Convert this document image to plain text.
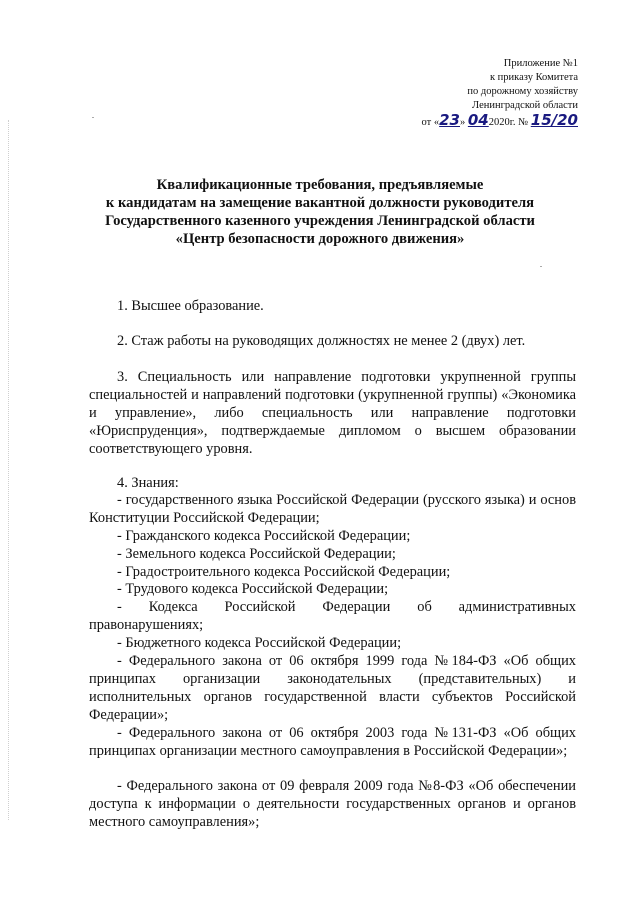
Приложение №1
к приказу Комитета
по дорожному хозяйству
Ленинградской области
от «23» 042020г. № 15/20
Квалификационные требования, предъявляемые
к кандидатам на замещение вакантной должности руководителя
Государственного казенного учреждения Ленинградской области
«Центр безопасности дорожного движения»
1. Высшее образование.
2. Стаж работы на руководящих должностях не менее 2 (двух) лет.
3. Специальность или направление подготовки укрупненной группы специальностей и направлений подготовки (укрупненной группы) «Экономика и управление», либо специальность или направление подготовки «Юриспруденция», подтверждаемые дипломом о высшем образовании соответствующего уровня.
4. Знания:
- государственного языка Российской Федерации (русского языка) и основ Конституции Российской Федерации;
- Гражданского кодекса Российской Федерации;
- Земельного кодекса Российской Федерации;
- Градостроительного кодекса Российской Федерации;
- Трудового кодекса Российской Федерации;
- Кодекса Российской Федерации об административных правонарушениях;
- Бюджетного кодекса Российской Федерации;
- Федерального закона от 06 октября 1999 года №184-ФЗ «Об общих принципах организации законодательных (представительных) и исполнительных органов государственной власти субъектов Российской Федерации»;
- Федерального закона от 06 октября 2003 года №131-ФЗ «Об общих принципах организации местного самоуправления в Российской Федерации»;
- Федерального закона от 09 февраля 2009 года №8-ФЗ «Об обеспечении доступа к информации о деятельности государственных органов и органов местного самоуправления»;
